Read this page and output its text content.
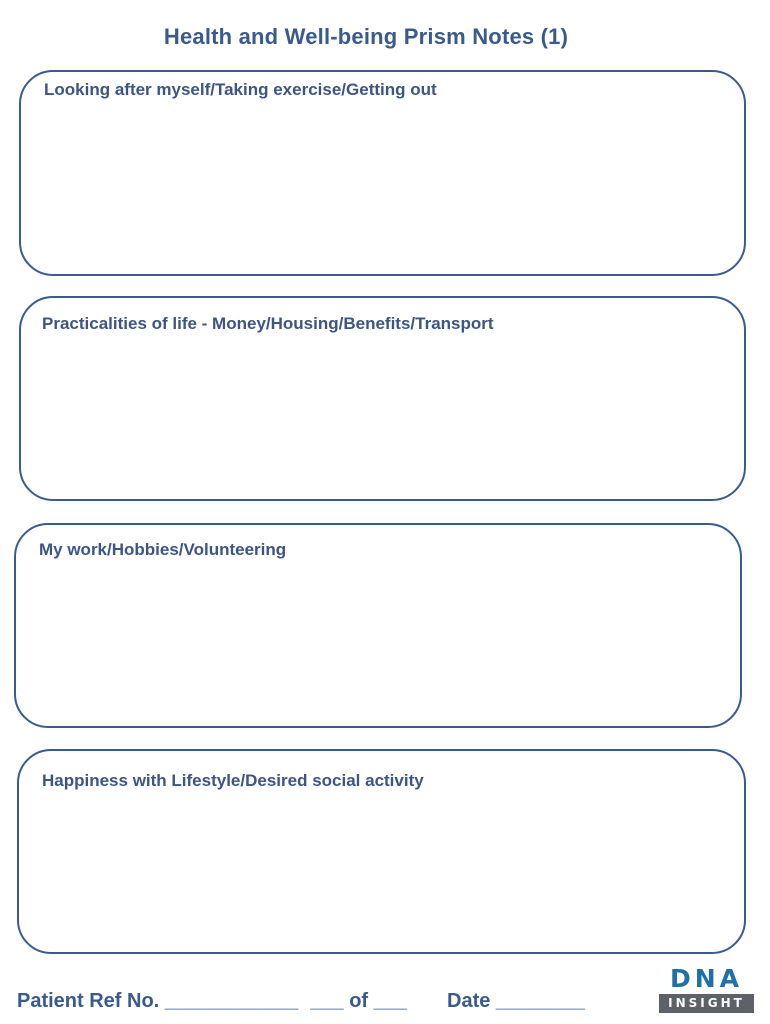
Health and Well-being Prism Notes (1)
Looking after myself/Taking exercise/Getting out
Practicalities of life - Money/Housing/Benefits/Transport
My work/Hobbies/Volunteering
Happiness with Lifestyle/Desired social activity
Patient Ref No. ____________ ___ of ___ Date ________
DNA
INSIGHT
